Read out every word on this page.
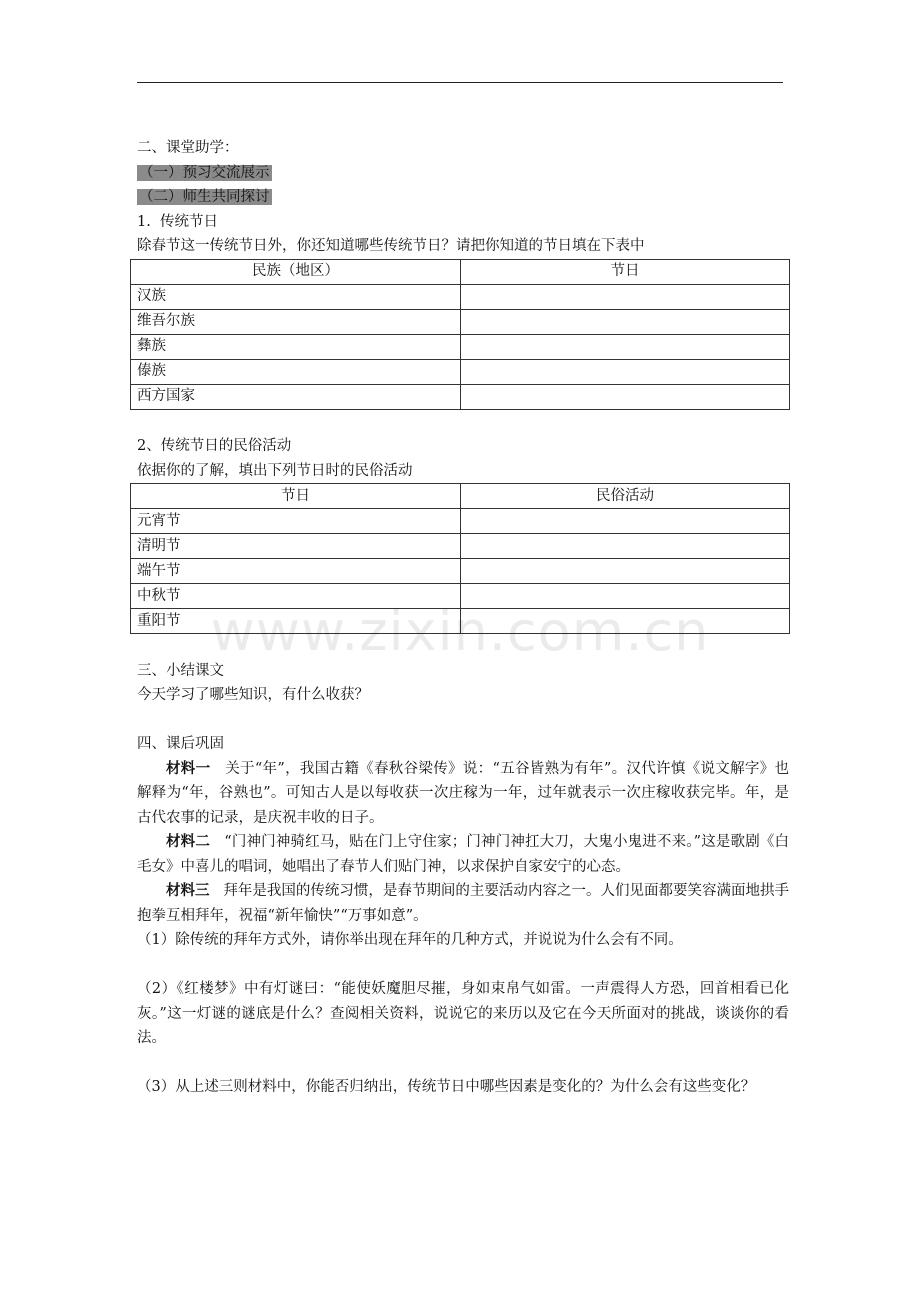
二、课堂助学：
（一）预习交流展示
（二）师生共同探讨
1.  传统节日
除春节这一传统节日外，你还知道哪些传统节日？请把你知道的节日填在下表中
民族（地区）	节日
汉族	
维吾尔族	
彝族	
傣族	
西方国家	
2、传统节日的民俗活动
依据你的了解，填出下列节日时的民俗活动
节日	民俗活动
元宵节	
清明节	
端午节	
中秋节	
重阳节	
三、小结课文
今天学习了哪些知识，有什么收获？
四、课后巩固
材料一 关于“年”，我国古籍《春秋谷梁传》说：“五谷皆熟为有年”。汉代许慎《说文解字》也解释为“年，谷熟也”。可知古人是以每收获一次庄稼为一年，过年就表示一次庄稼收获完毕。年，是古代农事的记录，是庆祝丰收的日子。
材料二 “门神门神骑红马，贴在门上守住家；门神门神扛大刀，大鬼小鬼进不来。”这是歌剧《白毛女》中喜儿的唱词，她唱出了春节人们贴门神，以求保护自家安宁的心态。
材料三 拜年是我国的传统习惯，是春节期间的主要活动内容之一。人们见面都要笑容满面地拱手抱拳互相拜年，祝福“新年愉快”“万事如意”。
（1）除传统的拜年方式外，请你举出现在拜年的几种方式，并说说为什么会有不同。
（2）《红楼梦》中有灯谜曰：“能使妖魔胆尽摧，身如束帛气如雷。一声震得人方恐，回首相看已化灰。”这一灯谜的谜底是什么？查阅相关资料，说说它的来历以及它在今天所面对的挑战，谈谈你的看法。
（3）从上述三则材料中，你能否归纳出，传统节日中哪些因素是变化的？为什么会有这些变化？
www.zixin.com.cn
